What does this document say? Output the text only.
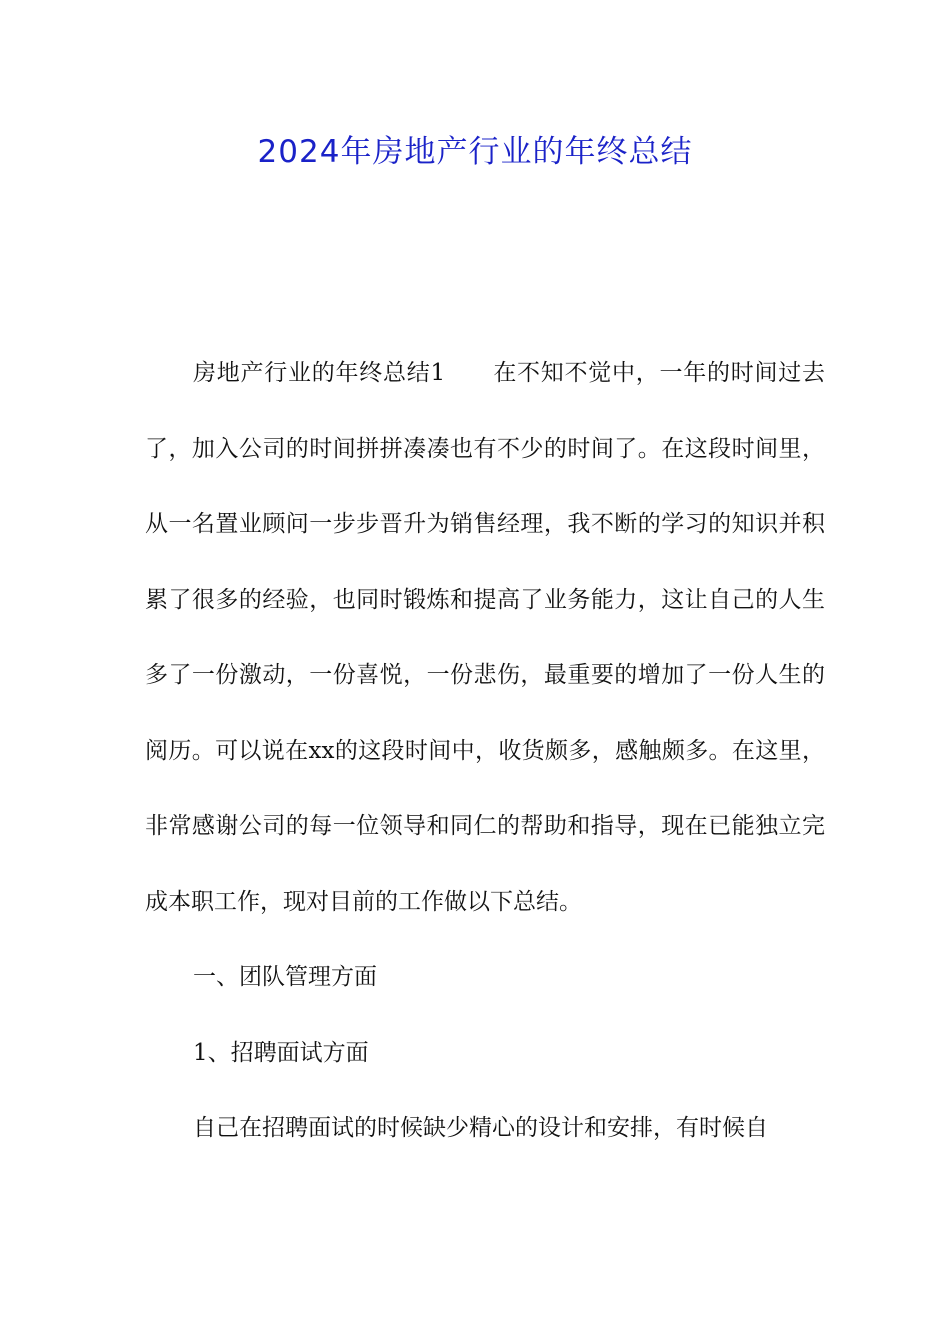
2024年房地产行业的年终总结

房地产行业的年终总结1　　在不知不觉中，一年的时间过去了，加入公司的时间拼拼凑凑也有不少的时间了。在这段时间里，从一名置业顾问一步步晋升为销售经理，我不断的学习的知识并积累了很多的经验，也同时锻炼和提高了业务能力，这让自己的人生多了一份激动，一份喜悦，一份悲伤，最重要的增加了一份人生的阅历。可以说在xx的这段时间中，收货颇多，感触颇多。在这里，非常感谢公司的每一位领导和同仁的帮助和指导，现在已能独立完成本职工作，现对目前的工作做以下总结。

一、团队管理方面

1、招聘面试方面

自己在招聘面试的时候缺少精心的设计和安排，有时候自
